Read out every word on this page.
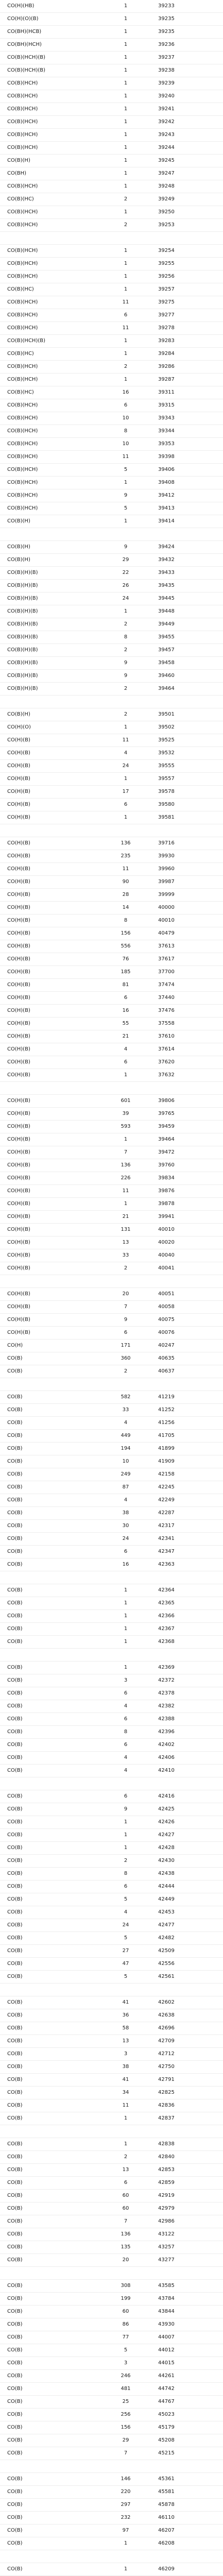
CO(H)(HB)	1	39233
CO(H)(O)(B)	1	39235
CO(BH)(HCB)	1	39235
CO(BH)(HCH)	1	39236
CO(B)(HCH)(B)	1	39237
CO(B)(HCH)(B)	1	39238
CO(B)(HCH)	1	39239
CO(B)(HCH)	1	39240
CO(B)(HCH)	1	39241
CO(B)(HCH)	1	39242
CO(B)(HCH)	1	39243
CO(B)(HCH)	1	39244
CO(B)(H)	1	39245
CO(BH)	1	39247
CO(B)(HCH)	1	39248
CO(B)(HC)	2	39249
CO(B)(HCH)	1	39250
CO(B)(HCH)	2	39253

CO(B)(HCH)	1	39254
CO(B)(HCH)	1	39255
CO(B)(HCH)	1	39256
CO(B)(HC)	1	39257
CO(B)(HCH)	11	39275
CO(B)(HCH)	6	39277
CO(B)(HCH)	11	39278
CO(B)(HCH)(B)	1	39283
CO(B)(HC)	1	39284
CO(B)(HCH)	2	39286
CO(B)(HCH)	1	39287
CO(B)(HC)	16	39311
CO(B)(HCH)	6	39315
CO(B)(HCH)	10	39343
CO(B)(HCH)	8	39344
CO(B)(HCH)	10	39353
CO(B)(HCH)	11	39398
CO(B)(HCH)	5	39406
CO(B)(HCH)	1	39408
CO(B)(HCH)	9	39412
CO(B)(HCH)	5	39413
CO(B)(H)	1	39414

CO(B)(H)	9	39424
CO(B)(H)	29	39432
CO(B)(H)(B)	22	39433
CO(B)(H)(B)	26	39435
CO(B)(H)(B)	24	39445
CO(B)(H)(B)	1	39448
CO(B)(H)(B)	2	39449
CO(B)(H)(B)	8	39455
CO(B)(H)(B)	2	39457
CO(B)(H)(B)	9	39458
CO(B)(H)(B)	9	39460
CO(B)(H)(B)	2	39464

CO(B)(H)	2	39501
CO(H)(O)	1	39502
CO(H)(B)	11	39525
CO(H)(B)	4	39532
CO(H)(B)	24	39555
CO(H)(B)	1	39557
CO(H)(B)	17	39578
CO(H)(B)	6	39580
CO(H)(B)	1	39581

CO(H)(B)	136	39716
CO(H)(B)	235	39930
CO(H)(B)	11	39960
CO(H)(B)	90	39987
CO(H)(B)	28	39999
CO(H)(B)	14	40000
CO(H)(B)	8	40010
CO(H)(B)	156	40479
CO(H)(B)	556	37613
CO(H)(B)	76	37617
CO(H)(B)	185	37700
CO(H)(B)	81	37474
CO(H)(B)	6	37440
CO(H)(B)	16	37476
CO(H)(B)	55	37558
CO(H)(B)	21	37610
CO(H)(B)	4	37614
CO(H)(B)	6	37620
CO(H)(B)	1	37632

CO(H)(B)	601	39806
CO(H)(B)	39	39765
CO(H)(B)	593	39459
CO(H)(B)	1	39464
CO(H)(B)	7	39472
CO(H)(B)	136	39760
CO(H)(B)	226	39834
CO(H)(B)	11	39876
CO(H)(B)	1	39878
CO(H)(B)	21	39941
CO(H)(B)	131	40010
CO(H)(B)	13	40020
CO(H)(B)	33	40040
CO(H)(B)	2	40041

CO(H)(B)	20	40051
CO(H)(B)	7	40058
CO(H)(B)	9	40075
CO(H)(B)	6	40076
CO(H)	171	40247
CO(B)	360	40635
CO(B)	2	40637

CO(B)	582	41219
CO(B)	33	41252
CO(B)	4	41256
CO(B)	449	41705
CO(B)	194	41899
CO(B)	10	41909
CO(B)	249	42158
CO(B)	87	42245
CO(B)	4	42249
CO(B)	38	42287
CO(B)	30	42317
CO(B)	24	42341
CO(B)	6	42347
CO(B)	16	42363

CO(B)	1	42364
CO(B)	1	42365
CO(B)	1	42366
CO(B)	1	42367
CO(B)	1	42368

CO(B)	1	42369
CO(B)	3	42372
CO(B)	6	42378
CO(B)	4	42382
CO(B)	6	42388
CO(B)	8	42396
CO(B)	6	42402
CO(B)	4	42406
CO(B)	4	42410

CO(B)	6	42416
CO(B)	9	42425
CO(B)	1	42426
CO(B)	1	42427
CO(B)	1	42428
CO(B)	2	42430
CO(B)	8	42438
CO(B)	6	42444
CO(B)	5	42449
CO(B)	4	42453
CO(B)	24	42477
CO(B)	5	42482
CO(B)	27	42509
CO(B)	47	42556
CO(B)	5	42561

CO(B)	41	42602
CO(B)	36	42638
CO(B)	58	42696
CO(B)	13	42709
CO(B)	3	42712
CO(B)	38	42750
CO(B)	41	42791
CO(B)	34	42825
CO(B)	11	42836
CO(B)	1	42837

CO(B)	1	42838
CO(B)	2	42840
CO(B)	13	42853
CO(B)	6	42859
CO(B)	60	42919
CO(B)	60	42979
CO(B)	7	42986
CO(B)	136	43122
CO(B)	135	43257
CO(B)	20	43277

CO(B)	308	43585
CO(B)	199	43784
CO(B)	60	43844
CO(B)	86	43930
CO(B)	77	44007
CO(B)	5	44012
CO(B)	3	44015
CO(B)	246	44261
CO(B)	481	44742
CO(B)	25	44767
CO(B)	256	45023
CO(B)	156	45179
CO(B)	29	45208
CO(B)	7	45215

CO(B)	146	45361
CO(B)	220	45581
CO(B)	297	45878
CO(B)	232	46110
CO(B)	97	46207
CO(B)	1	46208

CO(B)	1	46209
